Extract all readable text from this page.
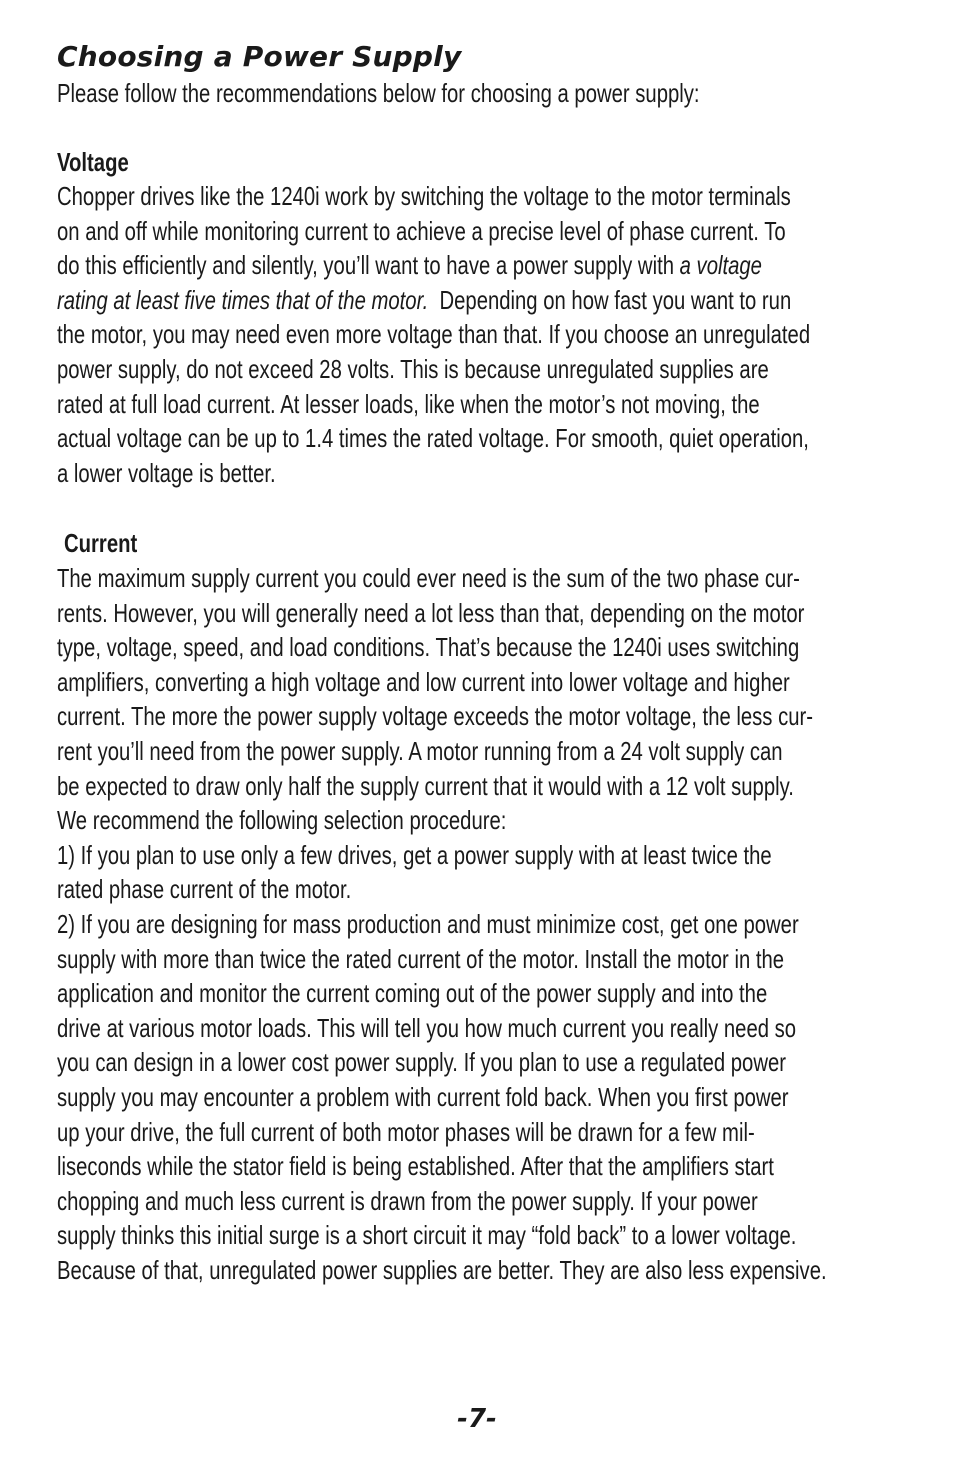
Choosing a Power Supply

Please follow the recommendations below for choosing a power supply:

Voltage
Chopper drives like the 1240i work by switching the voltage to the motor terminals
on and off while monitoring current to achieve a precise level of phase current. To
do this efficiently and silently, you’ll want to have a power supply with a voltage
rating at least five times that of the motor.  Depending on how fast you want to run
the motor, you may need even more voltage than that. If you choose an unregulated
power supply, do not exceed 28 volts. This is because unregulated supplies are
rated at full load current. At lesser loads, like when the motor’s not moving, the
actual voltage can be up to 1.4 times the rated voltage. For smooth, quiet operation,
a lower voltage is better.
Current
The maximum supply current you could ever need is the sum of the two phase cur-
rents. However, you will generally need a lot less than that, depending on the motor
type, voltage, speed, and load conditions. That’s because the 1240i uses switching
amplifiers, converting a high voltage and low current into lower voltage and higher
current. The more the power supply voltage exceeds the motor voltage, the less cur-
rent you’ll need from the power supply. A motor running from a 24 volt supply can
be expected to draw only half the supply current that it would with a 12 volt supply.
We recommend the following selection procedure:
1) If you plan to use only a few drives, get a power supply with at least twice the
rated phase current of the motor.
2) If you are designing for mass production and must minimize cost, get one power
supply with more than twice the rated current of the motor. Install the motor in the
application and monitor the current coming out of the power supply and into the
drive at various motor loads. This will tell you how much current you really need so
you can design in a lower cost power supply. If you plan to use a regulated power
supply you may encounter a problem with current fold back. When you first power
up your drive, the full current of both motor phases will be drawn for a few mil-
liseconds while the stator field is being established. After that the amplifiers start
chopping and much less current is drawn from the power supply. If your power
supply thinks this initial surge is a short circuit it may “fold back” to a lower voltage.
Because of that, unregulated power supplies are better. They are also less expensive.
-7-
